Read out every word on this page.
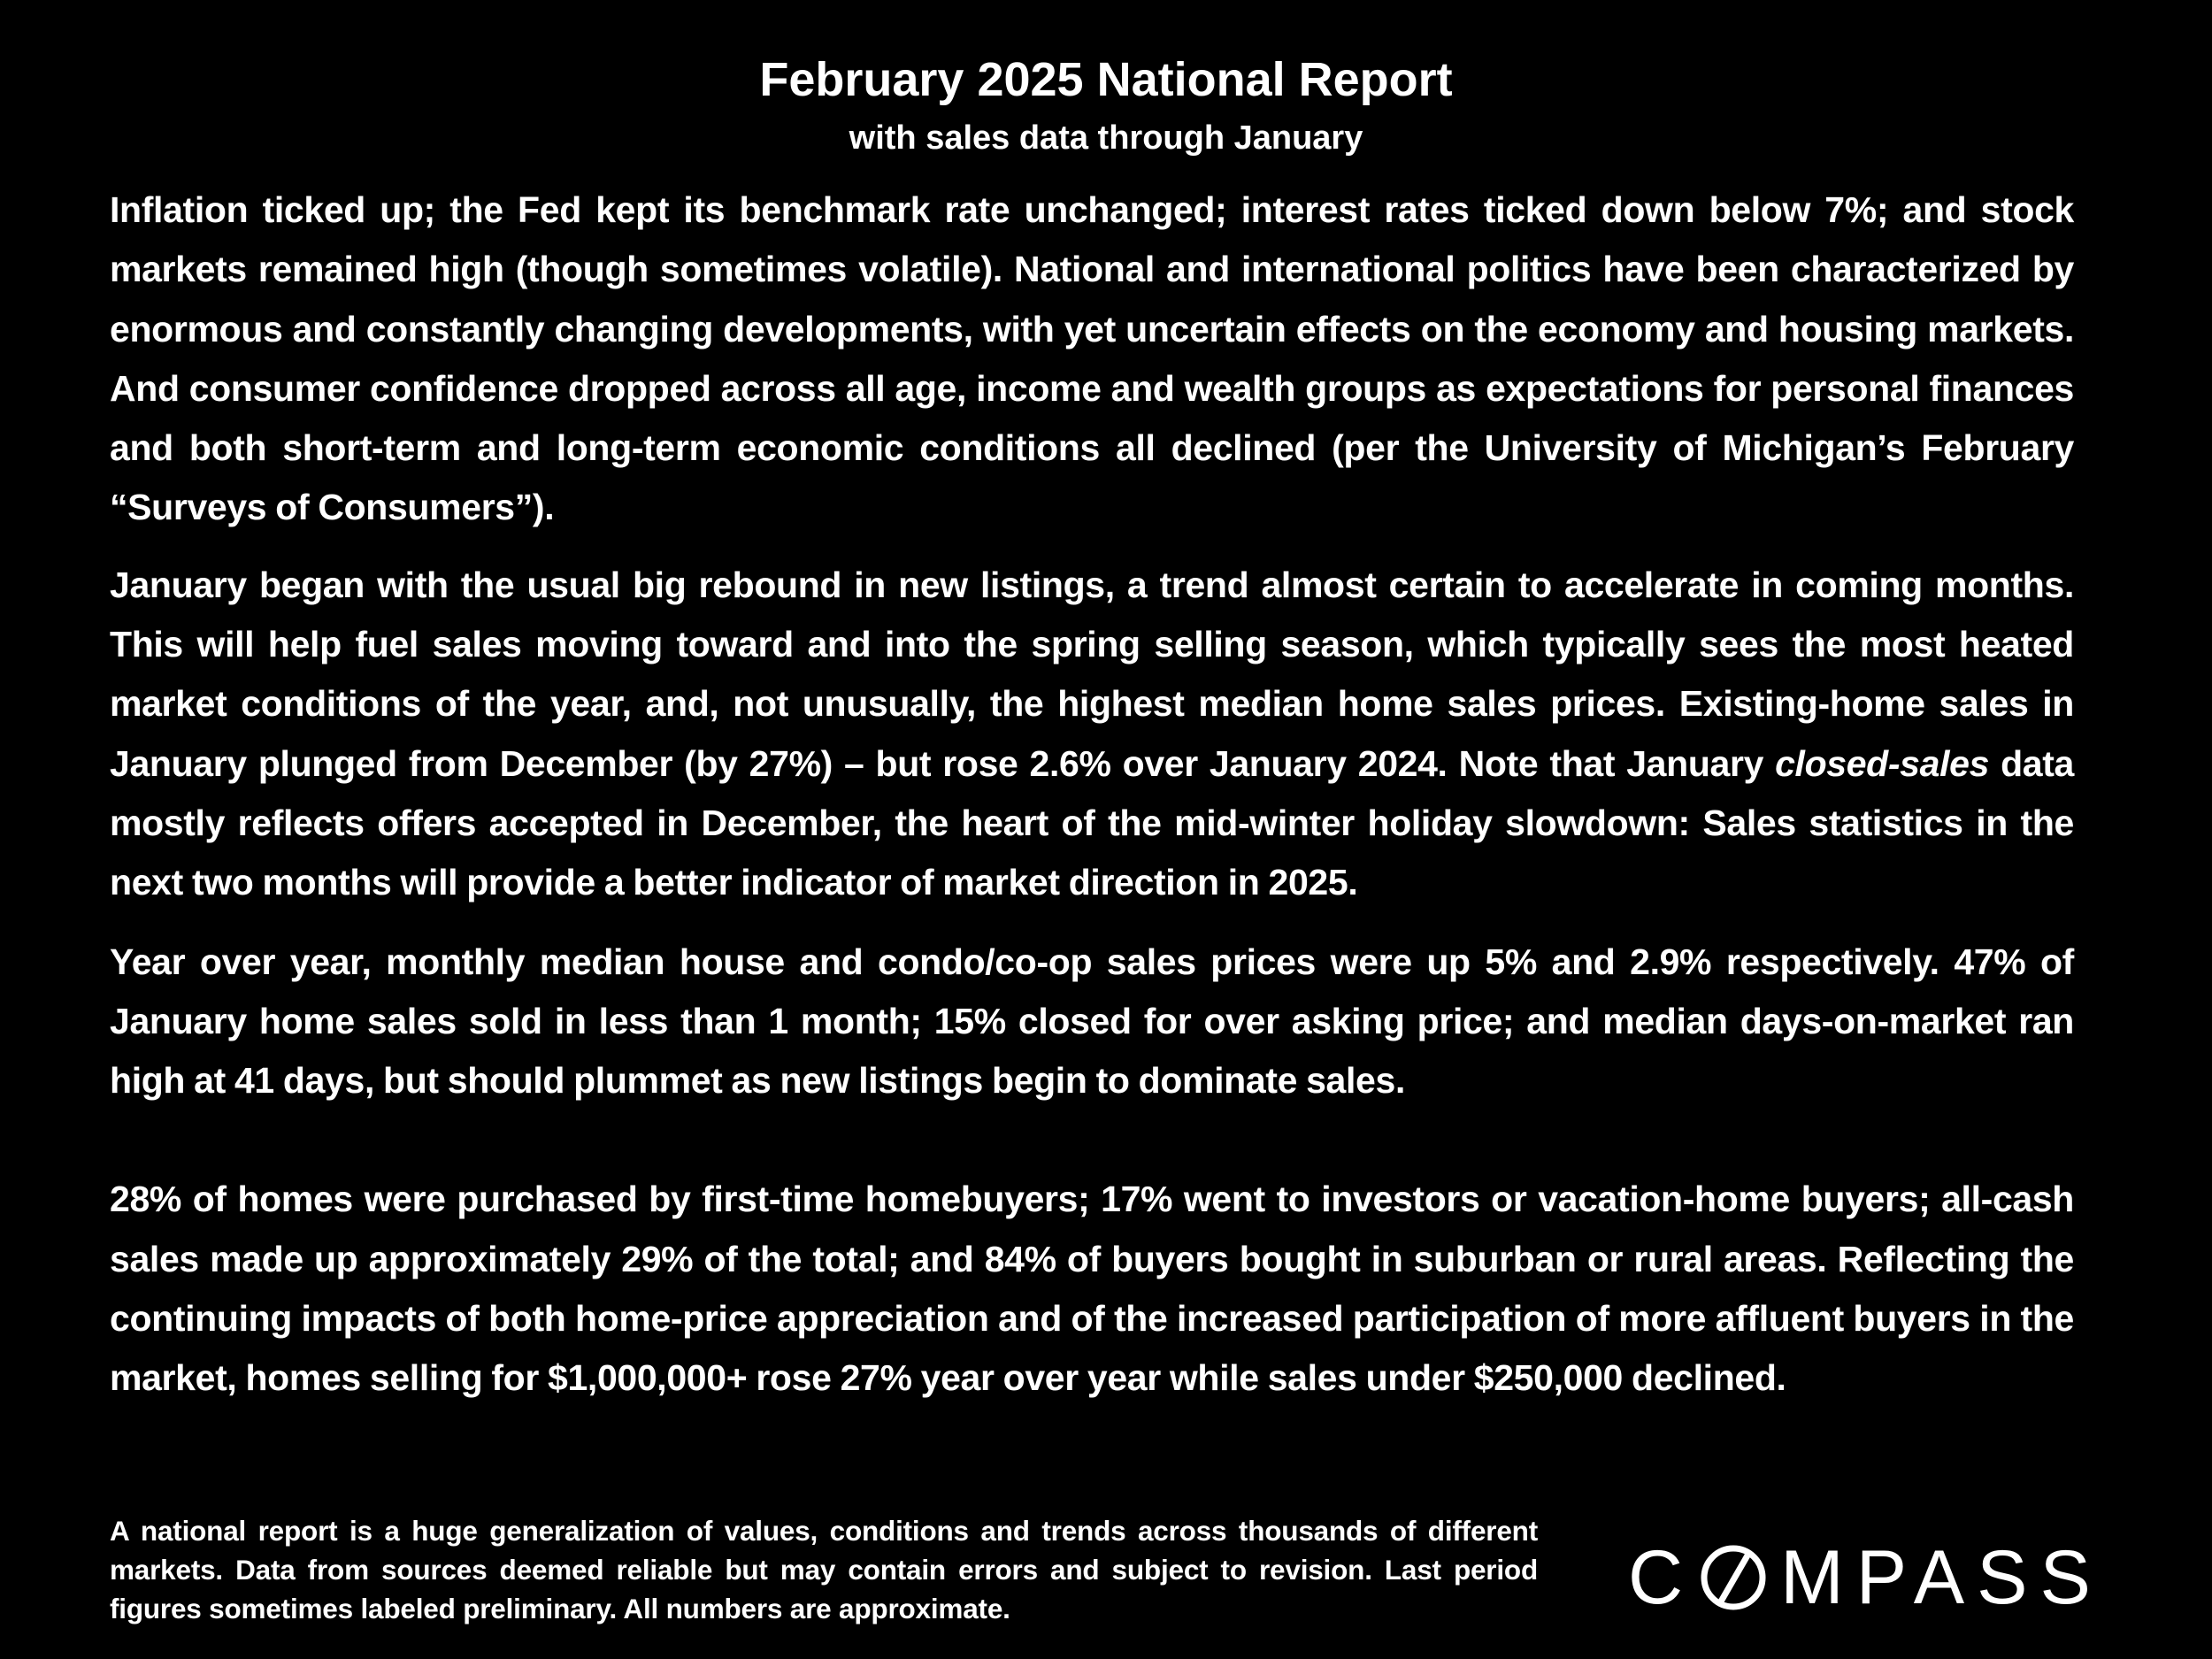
February 2025 National Report
with sales data through January

Inflation ticked up; the Fed kept its benchmark rate unchanged; interest rates ticked down below 7%; and stock markets remained high (though sometimes volatile). National and international politics have been characterized by enormous and constantly changing developments, with yet uncertain effects on the economy and housing markets. And consumer confidence dropped across all age, income and wealth groups as expectations for personal finances and both short-term and long-term economic conditions all declined (per the University of Michigan’s February “Surveys of Consumers”).

January began with the usual big rebound in new listings, a trend almost certain to accelerate in coming months. This will help fuel sales moving toward and into the spring selling season, which typically sees the most heated market conditions of the year, and, not unusually, the highest median home sales prices. Existing-home sales in January plunged from December (by 27%) – but rose 2.6% over January 2024. Note that January closed-sales data mostly reflects offers accepted in December, the heart of the mid-winter holiday slowdown: Sales statistics in the next two months will provide a better indicator of market direction in 2025.

Year over year, monthly median house and condo/co-op sales prices were up 5% and 2.9% respectively. 47% of January home sales sold in less than 1 month; 15% closed for over asking price; and median days-on-market ran high at 41 days, but should plummet as new listings begin to dominate sales.

28% of homes were purchased by first-time homebuyers; 17% went to investors or vacation-home buyers; all-cash sales made up approximately 29% of the total; and 84% of buyers bought in suburban or rural areas. Reflecting the continuing impacts of both home-price appreciation and of the increased participation of more affluent buyers in the market, homes selling for $1,000,000+ rose 27% year over year while sales under $250,000 declined.

A national report is a huge generalization of values, conditions and trends across thousands of different markets. Data from sources deemed reliable but may contain errors and subject to revision. Last period figures sometimes labeled preliminary. All numbers are approximate.	C MPASS
